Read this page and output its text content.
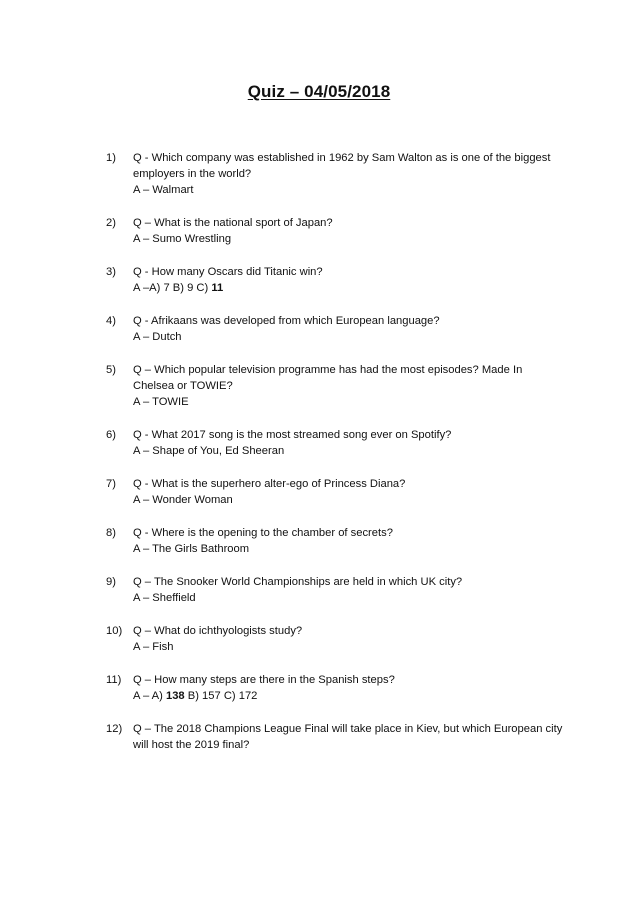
Quiz – 04/05/2018
1) Q - Which company was established in 1962 by Sam Walton as is one of the biggest employers in the world?
A – Walmart
2) Q – What is the national sport of Japan?
A – Sumo Wrestling
3) Q - How many Oscars did Titanic win?
A –A) 7 B) 9 C) 11
4) Q - Afrikaans was developed from which European language?
A – Dutch
5) Q – Which popular television programme has had the most episodes? Made In Chelsea or TOWIE?
A – TOWIE
6) Q - What 2017 song is the most streamed song ever on Spotify?
A – Shape of You, Ed Sheeran
7) Q - What is the superhero alter-ego of Princess Diana?
A – Wonder Woman
8) Q - Where is the opening to the chamber of secrets?
A – The Girls Bathroom
9) Q – The Snooker World Championships are held in which UK city?
A – Sheffield
10) Q – What do ichthyologists study?
A – Fish
11) Q – How many steps are there in the Spanish steps?
A – A) 138 B) 157 C) 172
12) Q – The 2018 Champions League Final will take place in Kiev, but which European city will host the 2019 final?
